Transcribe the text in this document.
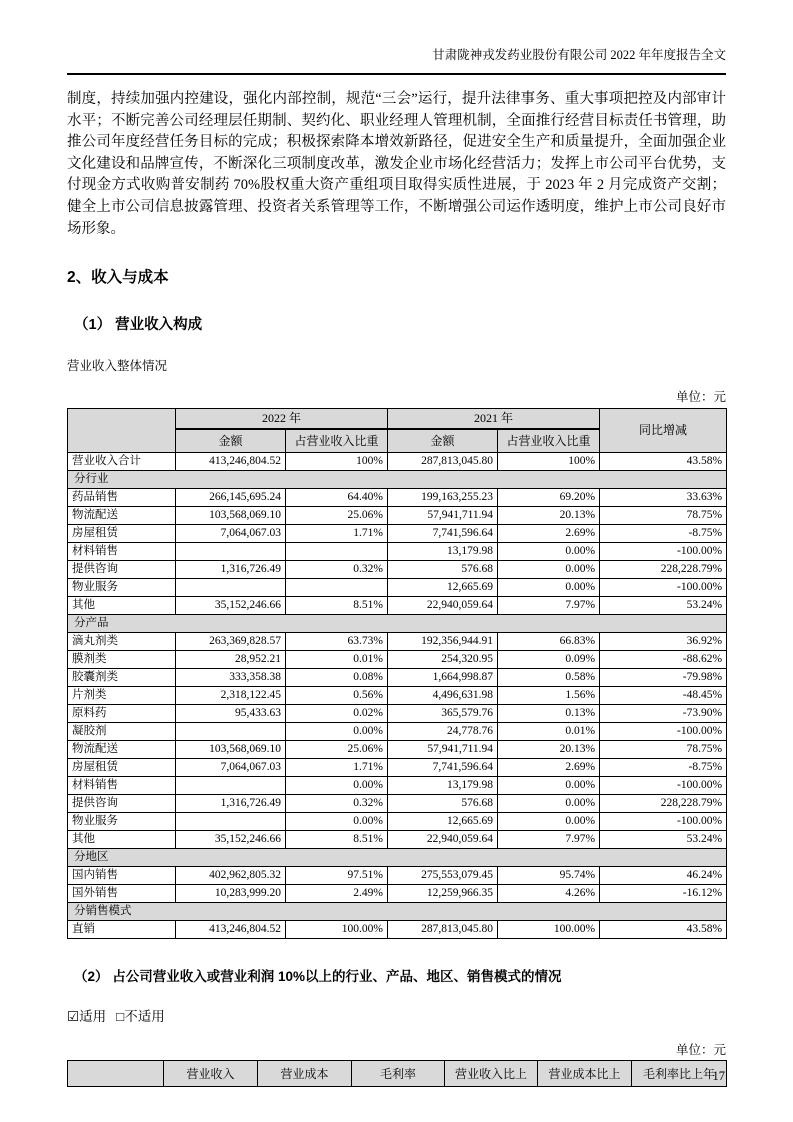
甘肃陇神戎发药业股份有限公司 2022 年年度报告全文

制度，持续加强内控建设，强化内部控制，规范“三会”运行，提升法律事务、重大事项把控及内部审计水平；不断完善公司经理层任期制、契约化、职业经理人管理机制，全面推行经营目标责任书管理，助推公司年度经营任务目标的完成；积极探索降本增效新路径，促进安全生产和质量提升，全面加强企业文化建设和品牌宣传，不断深化三项制度改革，激发企业市场化经营活力；发挥上市公司平台优势，支付现金方式收购普安制药 70%股权重大资产重组项目取得实质性进展，于 2023 年 2 月完成资产交割；健全上市公司信息披露管理、投资者关系管理等工作，不断增强公司运作透明度，维护上市公司良好市场形象。

2、收入与成本

（1） 营业收入构成

营业收入整体情况

单位：元
	2022 年		2021 年		同比增减
	金额	占营业收入比重	金额	占营业收入比重	
营业收入合计	413,246,804.52	100%	287,813,045.80	100%	43.58%
分行业					
药品销售	266,145,695.24	64.40%	199,163,255.23	69.20%	33.63%
物流配送	103,568,069.10	25.06%	57,941,711.94	20.13%	78.75%
房屋租赁	7,064,067.03	1.71%	7,741,596.64	2.69%	-8.75%
材料销售			13,179.98	0.00%	-100.00%
提供咨询	1,316,726.49	0.32%	576.68	0.00%	228,228.79%
物业服务			12,665.69	0.00%	-100.00%
其他	35,152,246.66	8.51%	22,940,059.64	7.97%	53.24%
分产品					
滴丸剂类	263,369,828.57	63.73%	192,356,944.91	66.83%	36.92%
膜剂类	28,952.21	0.01%	254,320.95	0.09%	-88.62%
胶囊剂类	333,358.38	0.08%	1,664,998.87	0.58%	-79.98%
片剂类	2,318,122.45	0.56%	4,496,631.98	1.56%	-48.45%
原料药	95,433.63	0.02%	365,579.76	0.13%	-73.90%
凝胶剂		0.00%	24,778.76	0.01%	-100.00%
物流配送	103,568,069.10	25.06%	57,941,711.94	20.13%	78.75%
房屋租赁	7,064,067.03	1.71%	7,741,596.64	2.69%	-8.75%
材料销售		0.00%	13,179.98	0.00%	-100.00%
提供咨询	1,316,726.49	0.32%	576.68	0.00%	228,228.79%
物业服务		0.00%	12,665.69	0.00%	-100.00%
其他	35,152,246.66	8.51%	22,940,059.64	7.97%	53.24%
分地区					
国内销售	402,962,805.32	97.51%	275,553,079.45	95.74%	46.24%
国外销售	10,283,999.20	2.49%	12,259,966.35	4.26%	-16.12%
分销售模式					
直销	413,246,804.52	100.00%	287,813,045.80	100.00%	43.58%

（2） 占公司营业收入或营业利润 10%以上的行业、产品、地区、销售模式的情况

☑适用 □不适用

单位：元
	营业收入	营业成本	毛利率	营业收入比上	营业成本比上	毛利率比上年
17
